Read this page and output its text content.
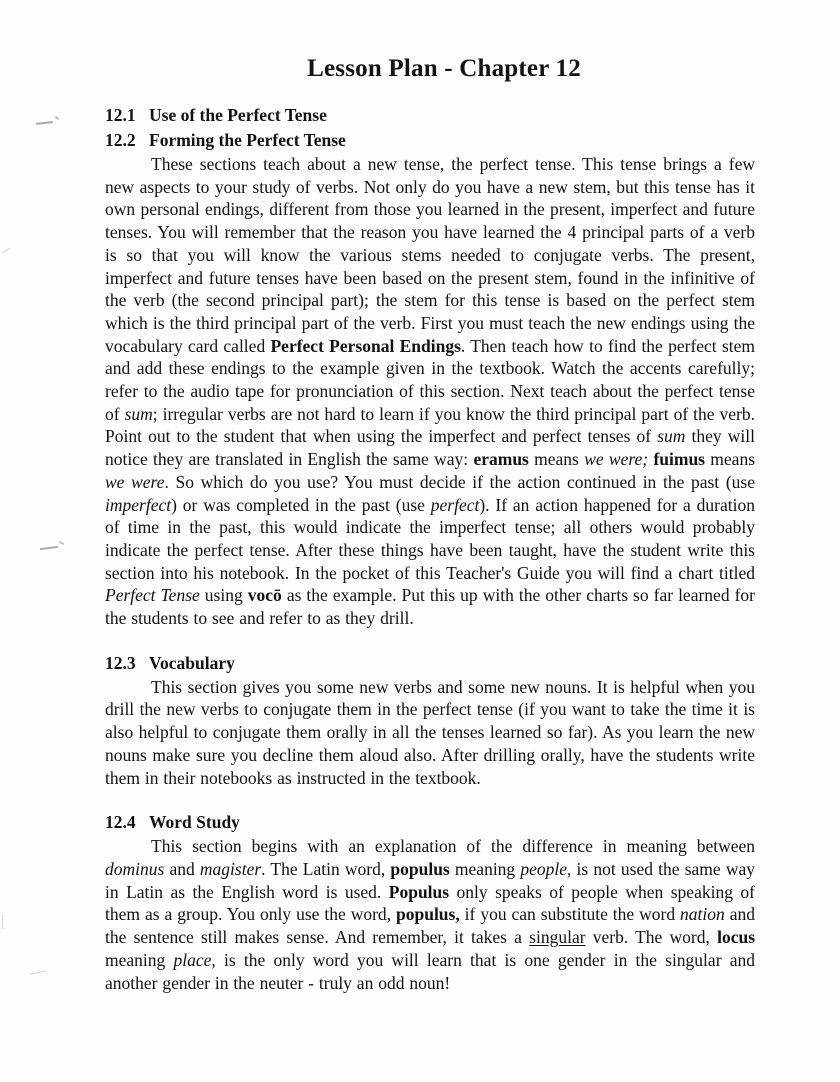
Lesson Plan - Chapter 12
12.1 Use of the Perfect Tense
12.2 Forming the Perfect Tense

These sections teach about a new tense, the perfect tense. This tense brings a few new aspects to your study of verbs. Not only do you have a new stem, but this tense has it own personal endings, different from those you learned in the present, imperfect and future tenses. You will remember that the reason you have learned the 4 principal parts of a verb is so that you will know the various stems needed to conjugate verbs. The present, imperfect and future tenses have been based on the present stem, found in the infinitive of the verb (the second principal part); the stem for this tense is based on the perfect stem which is the third principal part of the verb. First you must teach the new endings using the vocabulary card called Perfect Personal Endings. Then teach how to find the perfect stem and add these endings to the example given in the textbook. Watch the accents carefully; refer to the audio tape for pronunciation of this section. Next teach about the perfect tense of sum; irregular verbs are not hard to learn if you know the third principal part of the verb. Point out to the student that when using the imperfect and perfect tenses of sum they will notice they are translated in English the same way: eramus means we were; fuimus means we were. So which do you use? You must decide if the action continued in the past (use imperfect) or was completed in the past (use perfect). If an action happened for a duration of time in the past, this would indicate the imperfect tense; all others would probably indicate the perfect tense. After these things have been taught, have the student write this section into his notebook. In the pocket of this Teacher's Guide you will find a chart titled Perfect Tense using vocō as the example. Put this up with the other charts so far learned for the students to see and refer to as they drill.

12.3 Vocabulary

This section gives you some new verbs and some new nouns. It is helpful when you drill the new verbs to conjugate them in the perfect tense (if you want to take the time it is also helpful to conjugate them orally in all the tenses learned so far). As you learn the new nouns make sure you decline them aloud also. After drilling orally, have the students write them in their notebooks as instructed in the textbook.

12.4 Word Study

This section begins with an explanation of the difference in meaning between dominus and magister. The Latin word, populus meaning people, is not used the same way in Latin as the English word is used. Populus only speaks of people when speaking of them as a group. You only use the word, populus, if you can substitute the word nation and the sentence still makes sense. And remember, it takes a singular verb. The word, locus meaning place, is the only word you will learn that is one gender in the singular and another gender in the neuter - truly an odd noun!
